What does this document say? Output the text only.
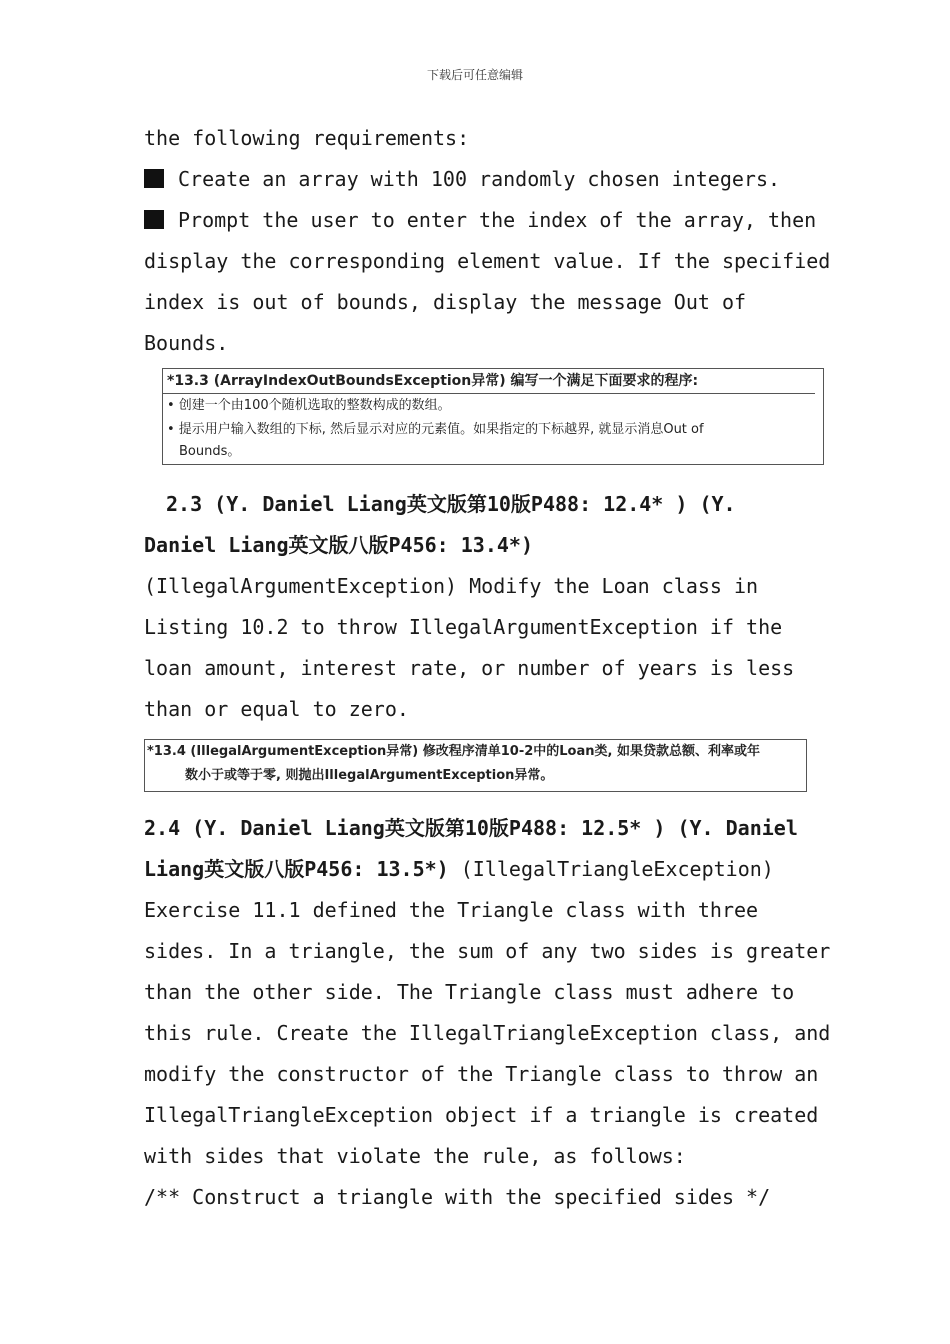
下载后可任意编辑
the following requirements:
Create an array with 100 randomly chosen integers.
Prompt the user to enter the index of the array, then
display the corresponding element value. If the specified
index is out of bounds, display the message Out of
Bounds.
*13.3 (ArrayIndexOutBoundsException异常) 编写一个满足下面要求的程序:
• 创建一个由100个随机选取的整数构成的数组。
• 提示用户输入数组的下标, 然后显示对应的元素值。如果指定的下标越界, 就显示消息Out of
Bounds。
2.3 (Y. Daniel Liang英文版第10版P488: 12.4* ) (Y.
Daniel Liang英文版八版P456: 13.4*)
(IllegalArgumentException) Modify the Loan class in
Listing 10.2 to throw IllegalArgumentException if the
loan amount, interest rate, or number of years is less
than or equal to zero.
*13.4 (IllegalArgumentException异常) 修改程序清单10-2中的Loan类, 如果贷款总额、利率或年
数小于或等于零, 则抛出IllegalArgumentException异常。
2.4 (Y. Daniel Liang英文版第10版P488: 12.5* ) (Y. Daniel
Liang英文版八版P456: 13.5*) (IllegalTriangleException)
Exercise 11.1 defined the Triangle class with three
sides. In a triangle, the sum of any two sides is greater
than the other side. The Triangle class must adhere to
this rule. Create the IllegalTriangleException class, and
modify the constructor of the Triangle class to throw an
IllegalTriangleException object if a triangle is created
with sides that violate the rule, as follows:
/** Construct a triangle with the specified sides */
